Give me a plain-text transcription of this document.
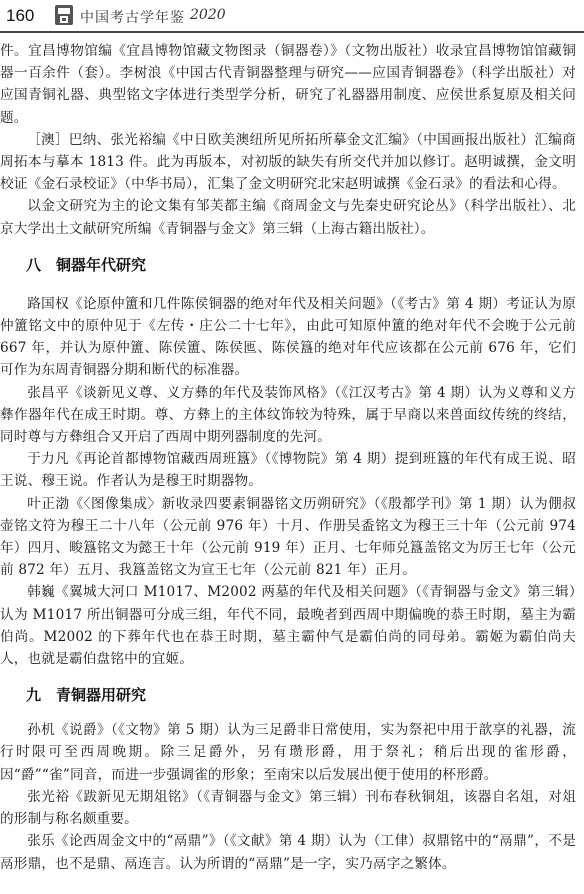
160	中国考古学年鉴 2020

件。宜昌博物馆编《宜昌博物馆藏文物图录（铜器卷）》（文物出版社）收录宜昌博物馆馆藏铜器一百余件（套）。李树浪《中国古代青铜器整理与研究——应国青铜器卷》（科学出版社）对应国青铜礼器、典型铭文字体进行类型学分析，研究了礼器器用制度、应侯世系复原及相关问题。

［澳］巴纳、张光裕编《中日欧美澳纽所见所拓所摹金文汇编》（中国画报出版社）汇编商周拓本与摹本 1813 件。此为再版本，对初版的缺失有所交代并加以修订。赵明诚撰，金文明校证《金石录校证》（中华书局），汇集了金文明研究北宋赵明诚撰《金石录》的看法和心得。

以金文研究为主的论文集有邹芙都主编《商周金文与先秦史研究论丛》（科学出版社）、北京大学出土文献研究所编《青铜器与金文》第三辑（上海古籍出版社）。

八　铜器年代研究

路国权《论原仲簠和几件陈侯铜器的绝对年代及相关问题》（《考古》第 4 期）考证认为原仲簠铭文中的原仲见于《左传・庄公二十七年》，由此可知原仲簠的绝对年代不会晚于公元前 667 年，并认为原仲簠、陈侯簠、陈侯匜、陈侯簋的绝对年代应该都在公元前 676 年，它们可作为东周青铜器分期和断代的标准器。

张昌平《谈新见义尊、义方彝的年代及装饰风格》（《江汉考古》第 4 期）认为义尊和义方彝作器年代在成王时期。尊、方彝上的主体纹饰较为特殊，属于早商以来兽面纹传统的终结，同时尊与方彝组合又开启了西周中期列器制度的先河。

于力凡《再论首都博物馆藏西周班簋》（《博物院》第 4 期）提到班簋的年代有成王说、昭王说、穆王说。作者认为是穆王时期器物。

叶正渤《〈图像集成〉新收录四要素铜器铭文历朔研究》（《殷都学刊》第 1 期）认为倗叔壶铭文符为穆王二十八年（公元前 976 年）十月、作册吴盉铭文为穆王三十年（公元前 974 年）四月、畯簋铭文为懿王十年（公元前 919 年）正月、七年师兑簋盖铭文为厉王七年（公元前 872 年）五月、我簋盖铭文为宣王七年（公元前 821 年）正月。

韩巍《翼城大河口 M1017、M2002 两墓的年代及相关问题》（《青铜器与金文》第三辑）认为 M1017 所出铜器可分成三组，年代不同，最晚者到西周中期偏晚的恭王时期，墓主为霸伯尚。M2002 的下葬年代也在恭王时期，墓主霸仲气是霸伯尚的同母弟。霸姬为霸伯尚夫人，也就是霸伯盘铭中的宜姬。

九　青铜器用研究

孙机《说爵》（《文物》第 5 期）认为三足爵非日常使用，实为祭祀中用于歆享的礼器，流行时限可至西周晚期。除三足爵外，另有瓒形爵，用于祭礼；稍后出现的雀形爵，因“爵”“雀”同音，而进一步强调雀的形象；至南宋以后发展出便于使用的杯形爵。

张光裕《跋新见无期俎铭》（《青铜器与金文》第三辑）刊布春秋铜俎，该器自名俎，对俎的形制与称名颇重要。

张乐《论西周金文中的“鬲鼎”》（《文献》第 4 期）认为（工侓）叔鼎铭中的“鬲鼎”，不是鬲形鼎，也不是鼎、鬲连言。认为所谓的“鬲鼎”是一字，实乃鬲字之繁体。
